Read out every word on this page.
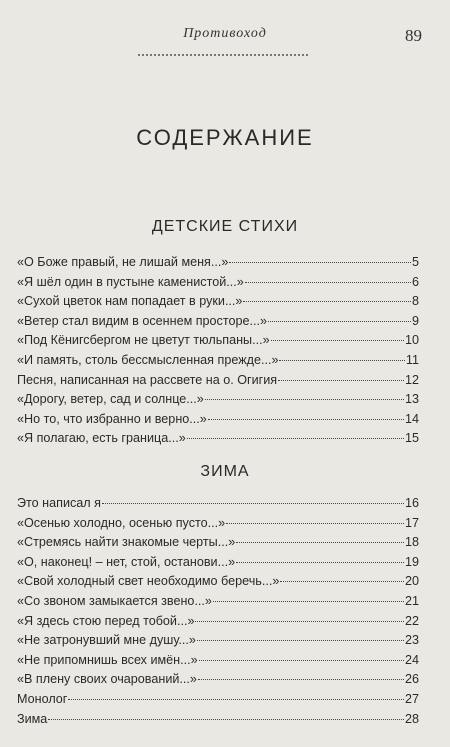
Противоход	89
СОДЕРЖАНИЕ
ДЕТСКИЕ СТИХИ
«О Боже правый, не лишай меня...»	5
«Я шёл один в пустыне каменистой...»	6
«Сухой цветок нам попадает в руки...»	8
«Ветер стал видим в осеннем просторе...»	9
«Под Кёнигсбергом не цветут тюльпаны...»	10
«И память, столь бессмысленная прежде...»	11
Песня, написанная на рассвете на о. Огигия	12
«Дорогу, ветер, сад и солнце...»	13
«Но то, что избранно и верно...»	14
«Я полагаю, есть граница...»	15
ЗИМА
Это написал я	16
«Осенью холодно, осенью пусто...»	17
«Стремясь найти знакомые черты...»	18
«О, наконец! – нет, стой, останови...»	19
«Свой холодный свет необходимо беречь...»	20
«Со звоном замыкается звено...»	21
«Я здесь стою перед тобой...»	22
«Не затронувший мне душу...»	23
«Не припомнишь всех имён...»	24
«В плену своих очарований...»	26
Монолог	27
Зима	28
